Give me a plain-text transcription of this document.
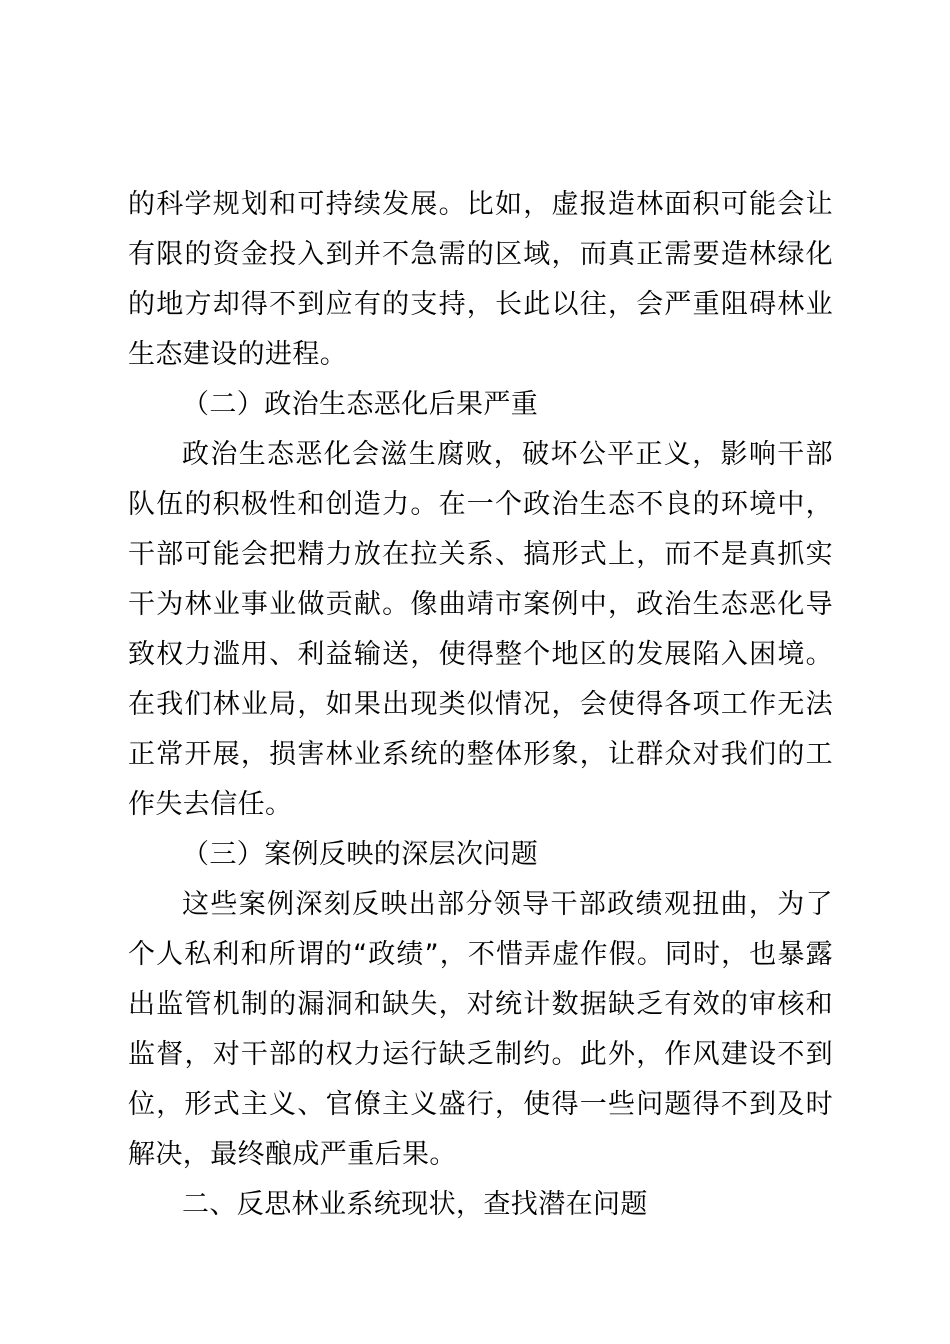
的科学规划和可持续发展。比如，虚报造林面积可能会让有限的资金投入到并不急需的区域，而真正需要造林绿化的地方却得不到应有的支持，长此以往，会严重阻碍林业生态建设的进程。

（二）政治生态恶化后果严重

政治生态恶化会滋生腐败，破坏公平正义，影响干部队伍的积极性和创造力。在一个政治生态不良的环境中，干部可能会把精力放在拉关系、搞形式上，而不是真抓实干为林业事业做贡献。像曲靖市案例中，政治生态恶化导致权力滥用、利益输送，使得整个地区的发展陷入困境。在我们林业局，如果出现类似情况，会使得各项工作无法正常开展，损害林业系统的整体形象，让群众对我们的工作失去信任。

（三）案例反映的深层次问题

这些案例深刻反映出部分领导干部政绩观扭曲，为了个人私利和所谓的“政绩”，不惜弄虚作假。同时，也暴露出监管机制的漏洞和缺失，对统计数据缺乏有效的审核和监督，对干部的权力运行缺乏制约。此外，作风建设不到位，形式主义、官僚主义盛行，使得一些问题得不到及时解决，最终酿成严重后果。

二、反思林业系统现状，查找潜在问题
